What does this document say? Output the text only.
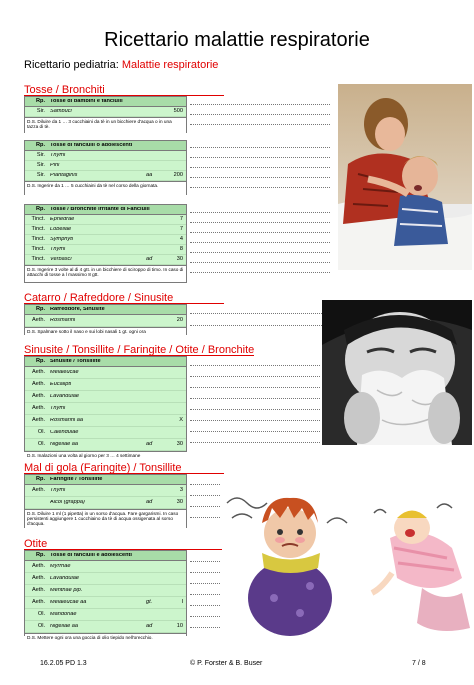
Ricettario malattie respiratorie
Ricettario pediatria: Malattie respiratorie
Tosse / Bronchiti
Rp. Tosse di bambini e fanciulli
Sir. Sambuci	500
D.S. Diluire da 1 … 3 cucchiaini da tè in un bicchiere d'acqua o in una tazza di tè.
Rp. Tosse di fanciulli o adolescenti
Sir. Thymi
Sir. Pini
Sir. Plantaginis	aa	200
D.S. Ingerire da 1 … 5 cucchiaini da tè nel corso della giornata.
Rp. Tosse / Bronchite irritante di Fanciulli
Tinct. Ephedrae	7
Tinct. Lobeliae	7
Tinct. Symphyti	4
Tinct. Thymi	8
Tinct. Verbasci	ad	30
D.S. Ingerire 3 volte al di 4 gtt. in un bicchiere di sciroppo di timo. In caso di attacchi di tosse a l massimo 8 gtt.
Catarro / Rafreddore / Sinusite
Rp. Rafreddore, Sinusite
Aeth. Rosmarini	20
D.S. Spalmare sotto il naso e sui lobi nasali 1 gt. ogni ora
Sinusite / Tonsillite / Faringite / Otite / Bronchite
Rp. Sinusite / Tonsillite
Aeth. Melaleucae
Aeth. Eucalipti
Aeth. Lavandulae
Aeth. Thymi
Aeth. Rosmarini aa	X
Ol. Calendulae
Ol. Nigellae aa	ad	30
D.S. Inalazioni una volta al giorno per 3 … 4 settimane
Mal di gola (Faringite) / Tonsillite
Rp. Faringite / Tonsillite
Aeth. Thymi	3
Alcol (grappa)	ad	30
D.S. Diluire 1 ml (1 pipetta) in un sorso d'acqua. Fare gargarismi. In caso persistenti aggiungere 1 cucchiaino da tè di acqua ossigenata al sorso d'acqua.
Otite
Rp. Tosse di fanciulli e adolescenti
Aeth. Myrrhae
Aeth. Lavandulae
Aeth. Menthae pip.
Aeth. Melaleucae aa	gt.	I
Ol. Mandorlae
Ol. Nigellae aa	ad	10
D.S. Mettere ogni ora una goccia di olio tiepido nell'orecchio.
16.2.05 PD 1.3	© P. Forster & B. Buser	7 / 8
